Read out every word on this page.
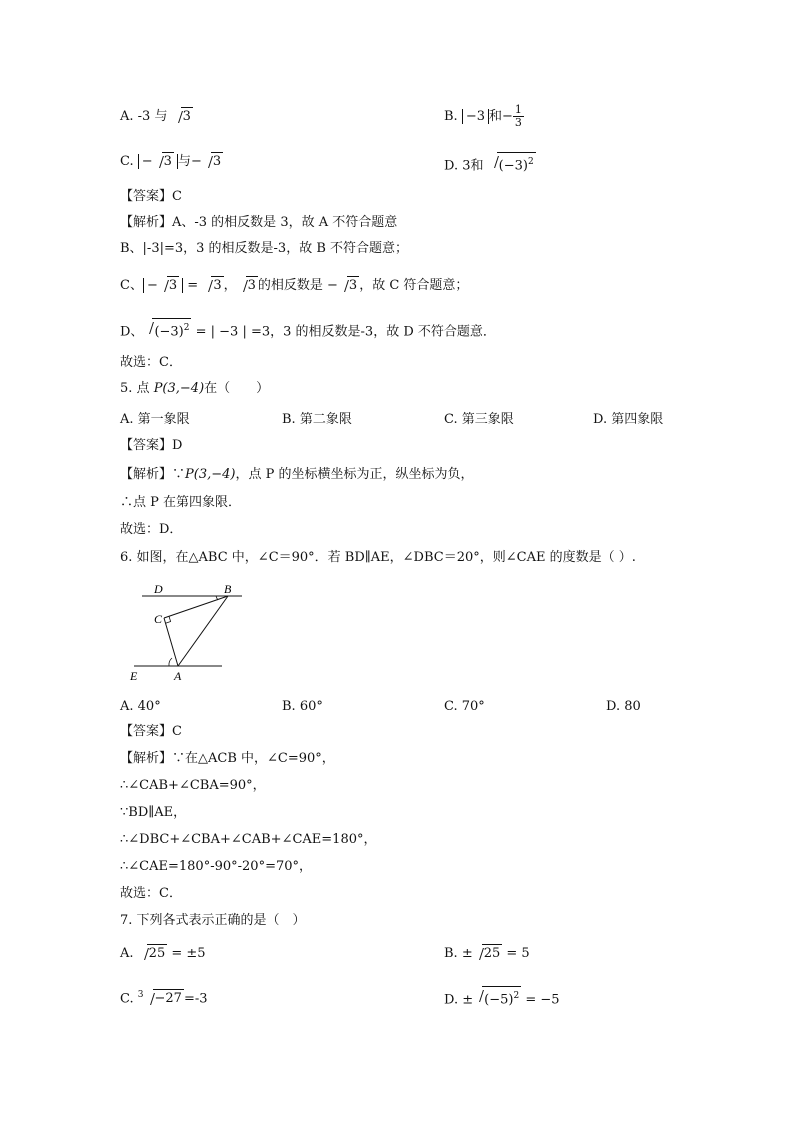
A. -3 与 3	B. −3 和− $\frac{1}{3}$
C. − 3 与− 3	D. 3和 $(-3)^2$
【答案】C
【解析】A、-3 的相反数是 3，故 A 不符合题意
B、|-3|=3，3 的相反数是-3，故 B 不符合题意；
C、 − 3 = 3 ， 3 的相反数是 − 3 ，故 C 符合题意；
D、 $(-3)^2$ = | −3 | =3，3 的相反数是-3，故 D 不符合题意．
故选：C．
5. 点 P(3,−4)在（　　）
A. 第一象限	B. 第二象限	C. 第三象限	D. 第四象限
【答案】D
【解析】∵P(3,−4)，点 P 的坐标横坐标为正，纵坐标为负，
∴点 P 在第四象限．
故选：D．
6. 如图，在△ABC 中，∠C＝90°．若 BD∥AE，∠DBC＝20°，则∠CAE 的度数是（ ）.
D	B
C
E	A
A. 40°	B. 60°	C. 70°	D. 80
【答案】C
【解析】∵在△ACB 中，∠C=90°，
∴∠CAB+∠CBA=90°，
∵BD∥AE，
∴∠DBC+∠CBA+∠CAB+∠CAE=180°，
∴∠CAE=180°-90°-20°=70°，
故选：C．
7. 下列各式表示正确的是（　）
A. 25 = ±5	B. ± 25 = 5
C. $^3$ −27 =-3	D. ± $(-5)^2 = -5$
